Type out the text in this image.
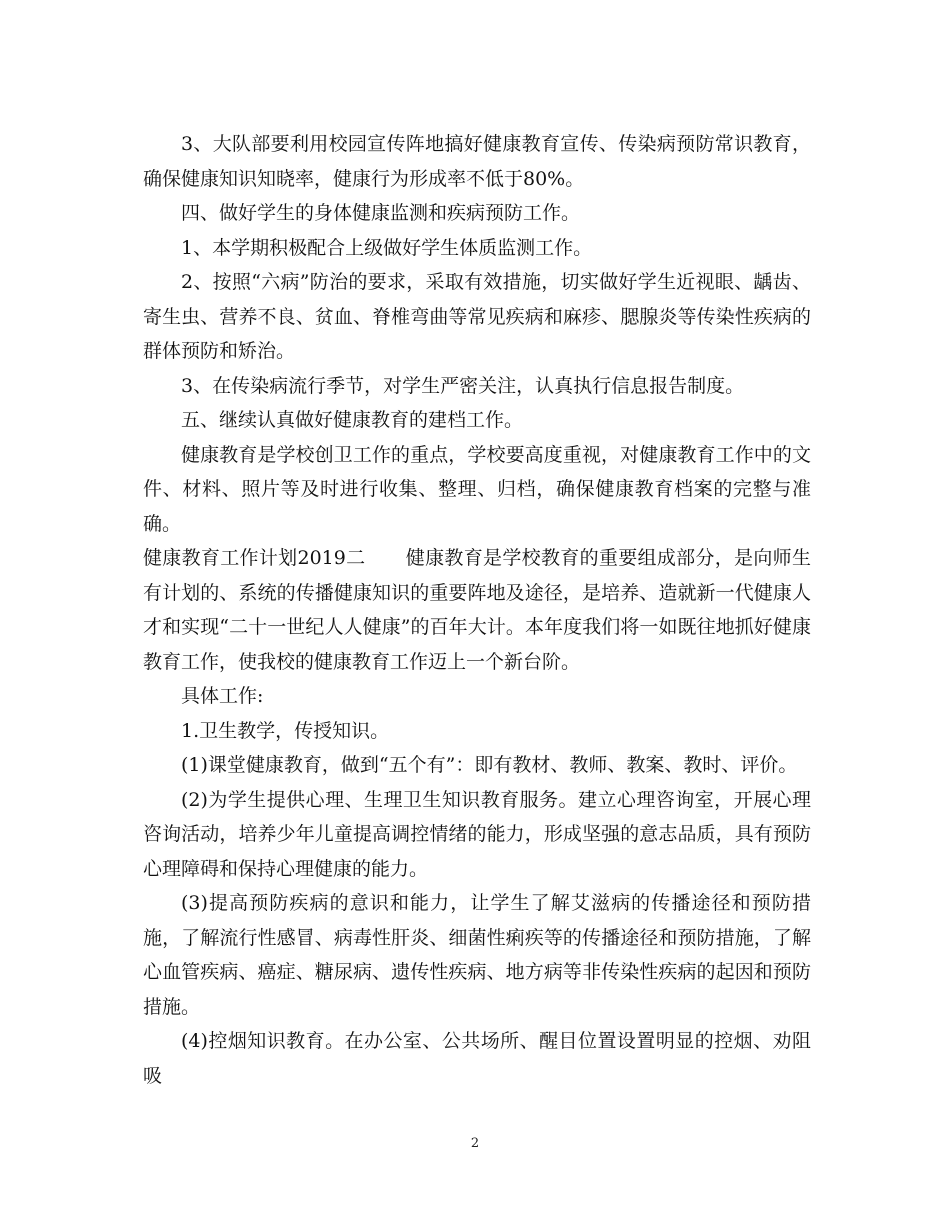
3、大队部要利用校园宣传阵地搞好健康教育宣传、传染病预防常识教育，确保健康知识知晓率，健康行为形成率不低于80%。

四、做好学生的身体健康监测和疾病预防工作。

1、本学期积极配合上级做好学生体质监测工作。

2、按照“六病”防治的要求，采取有效措施，切实做好学生近视眼、龋齿、寄生虫、营养不良、贫血、脊椎弯曲等常见疾病和麻疹、腮腺炎等传染性疾病的群体预防和矫治。

3、在传染病流行季节，对学生严密关注，认真执行信息报告制度。

五、继续认真做好健康教育的建档工作。

健康教育是学校创卫工作的重点，学校要高度重视，对健康教育工作中的文件、材料、照片等及时进行收集、整理、归档，确保健康教育档案的完整与准确。

健康教育工作计划2019二 健康教育是学校教育的重要组成部分，是向师生有计划的、系统的传播健康知识的重要阵地及途径，是培养、造就新一代健康人才和实现“二十一世纪人人健康”的百年大计。本年度我们将一如既往地抓好健康教育工作，使我校的健康教育工作迈上一个新台阶。

具体工作:

1.卫生教学，传授知识。

(1)课堂健康教育，做到“五个有”：即有教材、教师、教案、教时、评价。

(2)为学生提供心理、生理卫生知识教育服务。建立心理咨询室，开展心理咨询活动，培养少年儿童提高调控情绪的能力，形成坚强的意志品质，具有预防心理障碍和保持心理健康的能力。

(3)提高预防疾病的意识和能力，让学生了解艾滋病的传播途径和预防措施，了解流行性感冒、病毒性肝炎、细菌性痢疾等的传播途径和预防措施，了解心血管疾病、癌症、糖尿病、遗传性疾病、地方病等非传染性疾病的起因和预防措施。

(4)控烟知识教育。在办公室、公共场所、醒目位置设置明显的控烟、劝阻吸

2
